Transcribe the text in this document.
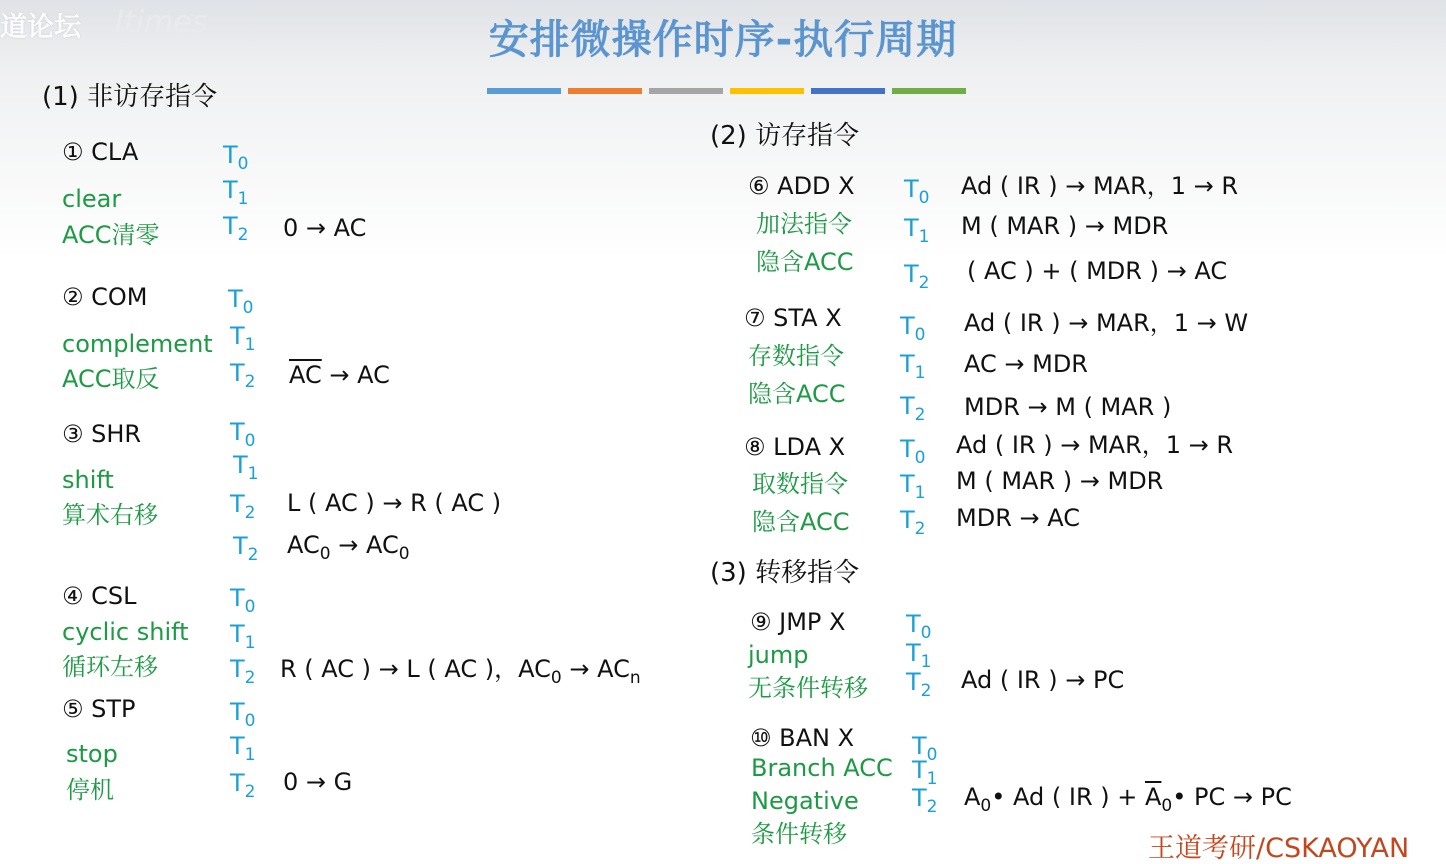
道论坛 Itimes	安排微操作时序-执行周期
(1) 非访存指令
① CLA
clear
ACC清零
$T_0$
$T_1$
$T_2$ 0 → AC
② COM
complement
ACC取反
$T_0$
$T_1$
$T_2$ $\overline{AC}$ → AC
③ SHR
shift
算术右移
$T_0$
$T_1$
$T_2$
$T_2$
L ( AC ) → R ( AC )
$AC_0 \to AC_0$
④ CSL
cyclic shift
循环左移
$T_0$
$T_1$
$T_2$ R ( AC ) → L ( AC )，$AC_0 \to AC_n$
⑤ STP
stop
停机
$T_0$
$T_1$
$T_2$ 0 → G
(2) 访存指令
⑥ ADD X
加法指令
隐含ACC
$T_0$
$T_1$
$T_2$
Ad ( IR ) → MAR，1 → R
M ( MAR ) → MDR
( AC ) + ( MDR ) → AC
⑦ STA X
存数指令
隐含ACC
$T_0$
$T_1$
$T_2$
Ad ( IR ) → MAR，1 → W
AC → MDR
MDR → M ( MAR )
⑧ LDA X
取数指令
隐含ACC
$T_0$
$T_1$
$T_2$
Ad ( IR ) → MAR，1 → R
M ( MAR ) → MDR
MDR → AC
(3) 转移指令
⑨ JMP X
jump
无条件转移
$T_0$
$T_1$
$T_2$ Ad ( IR ) → PC
⑩ BAN X
Branch ACC
Negative
条件转移
$T_0$
$T_1$
$T_2$ $A_0•$ Ad ( IR ) + $\overline{A}_0•$ PC → PC
王道考研/CSKAOYAN
